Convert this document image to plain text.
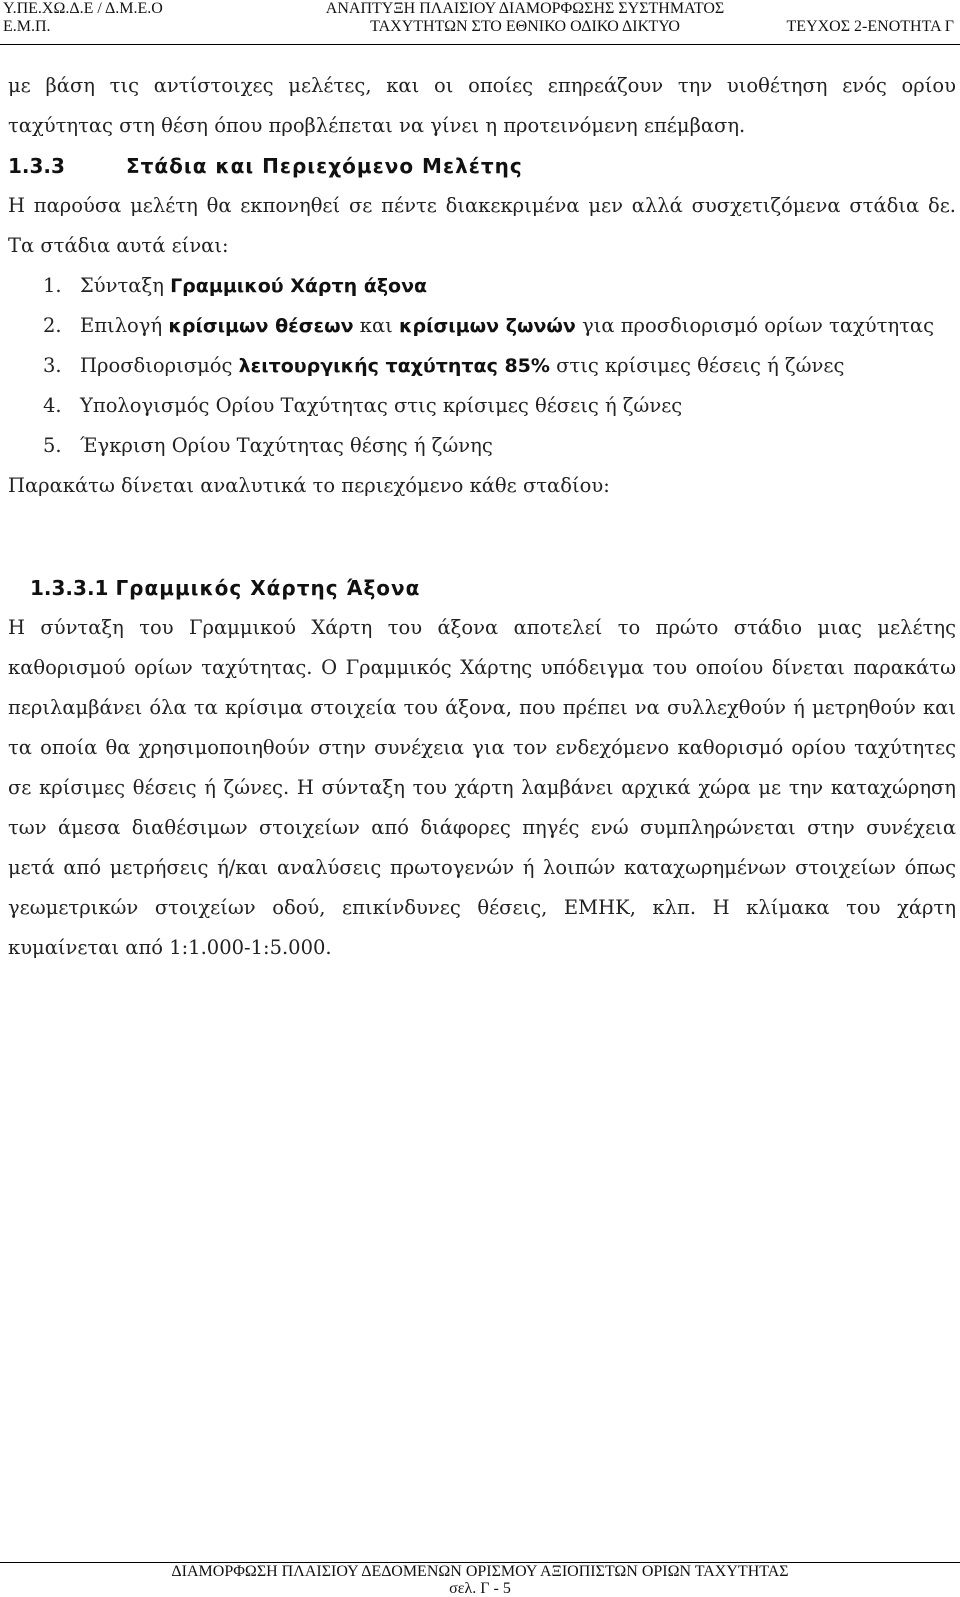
Υ.ΠΕ.ΧΩ.Δ.Ε / Δ.Μ.Ε.Ο	ΑΝΑΠΤΥΞΗ ΠΛΑΙΣΙΟΥ ΔΙΑΜΟΡΦΩΣΗΣ ΣΥΣΤΗΜΑΤΟΣ
Ε.Μ.Π.	ΤΑΧΥΤΗΤΩΝ ΣΤΟ ΕΘΝΙΚΟ ΟΔΙΚΟ ΔΙΚΤΥΟ	ΤΕΥΧΟΣ 2-ΕΝΟΤΗΤΑ Γ

με βάση τις αντίστοιχες μελέτες, και οι οποίες επηρεάζουν την υιοθέτηση ενός ορίου ταχύτητας στη θέση όπου προβλέπεται να γίνει η προτεινόμενη επέμβαση.

1.3.3	Στάδια και Περιεχόμενο Μελέτης

Η παρούσα μελέτη θα εκπονηθεί σε πέντε διακεκριμένα μεν αλλά συσχετιζόμενα στάδια δε. Τα στάδια αυτά είναι:

1. Σύνταξη Γραμμικού Χάρτη άξονα
2. Επιλογή κρίσιμων θέσεων και κρίσιμων ζωνών για προσδιορισμό ορίων ταχύτητας
3. Προσδιορισμός λειτουργικής ταχύτητας 85% στις κρίσιμες θέσεις ή ζώνες
4. Υπολογισμός Ορίου Ταχύτητας στις κρίσιμες θέσεις ή ζώνες
5. Έγκριση Ορίου Ταχύτητας θέσης ή ζώνης

Παρακάτω δίνεται αναλυτικά το περιεχόμενο κάθε σταδίου:

1.3.3.1 Γραμμικός Χάρτης Άξονα

Η σύνταξη του Γραμμικού Χάρτη του άξονα αποτελεί το πρώτο στάδιο μιας μελέτης καθορισμού ορίων ταχύτητας. Ο Γραμμικός Χάρτης υπόδειγμα του οποίου δίνεται παρακάτω περιλαμβάνει όλα τα κρίσιμα στοιχεία του άξονα, που πρέπει να συλλεχθούν ή μετρηθούν και τα οποία θα χρησιμοποιηθούν στην συνέχεια για τον ενδεχόμενο καθορισμό ορίου ταχύτητες σε κρίσιμες θέσεις ή ζώνες. Η σύνταξη του χάρτη λαμβάνει αρχικά χώρα με την καταχώρηση των άμεσα διαθέσιμων στοιχείων από διάφορες πηγές ενώ συμπληρώνεται στην συνέχεια μετά από μετρήσεις ή/και αναλύσεις πρωτογενών ή λοιπών καταχωρημένων στοιχείων όπως γεωμετρικών στοιχείων οδού, επικίνδυνες θέσεις, ΕΜΗΚ, κλπ. Η κλίμακα του χάρτη κυμαίνεται από 1:1.000-1:5.000.

ΔΙΑΜΟΡΦΩΣΗ ΠΛΑΙΣΙΟΥ ΔΕΔΟΜΕΝΩΝ ΟΡΙΣΜΟΥ ΑΞΙΟΠΙΣΤΩΝ ΟΡΙΩΝ ΤΑΧΥΤΗΤΑΣ
σελ. Γ - 5
